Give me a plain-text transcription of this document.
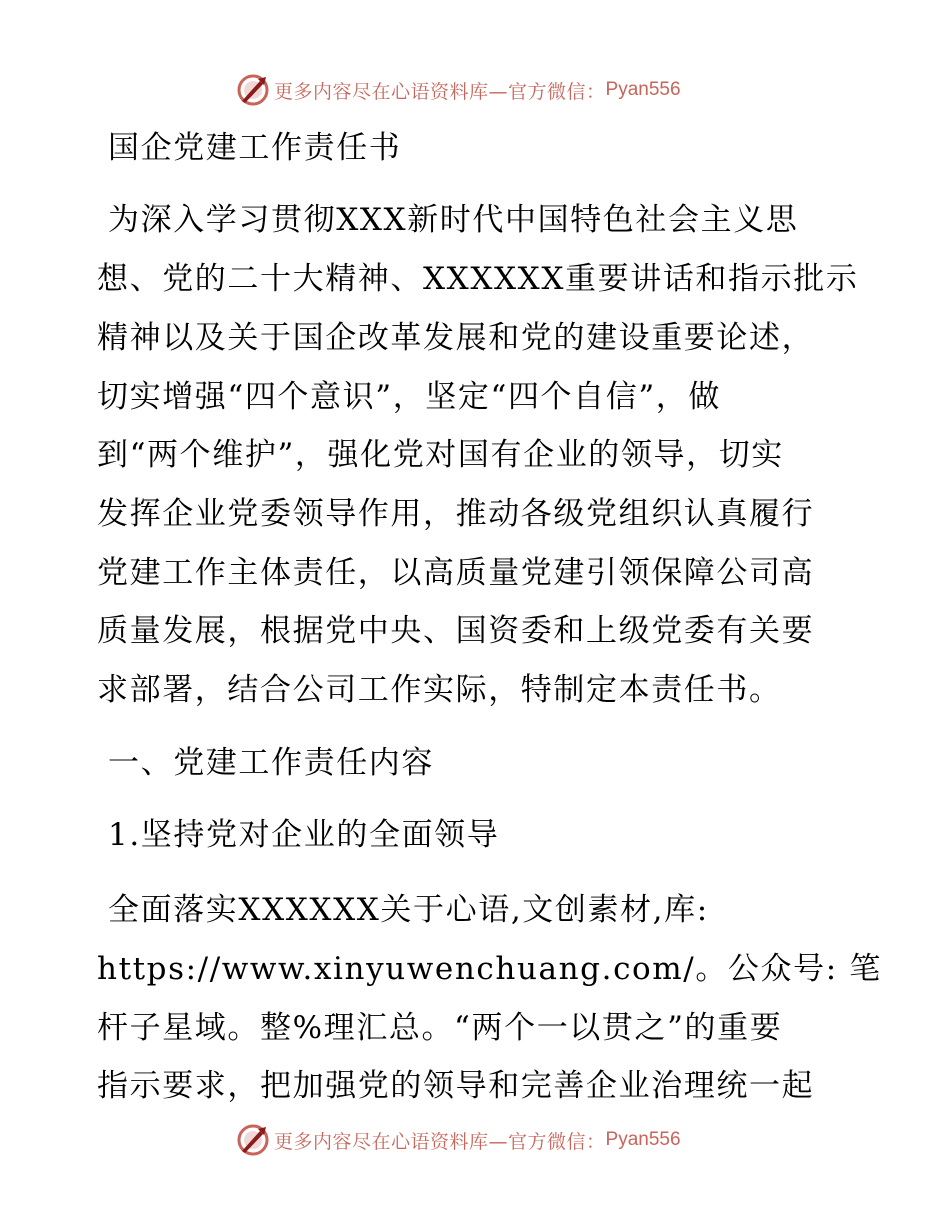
更多内容尽在心语资料库—官方微信： Pyan556
国企党建工作责任书
为深入学习贯彻XXX新时代中国特色社会主义思
想、党的二十大精神、XXXXXX重要讲话和指示批示
精神以及关于国企改革发展和党的建设重要论述，
切实增强“四个意识”，坚定“四个自信”，做
到“两个维护”，强化党对国有企业的领导，切实
发挥企业党委领导作用，推动各级党组织认真履行
党建工作主体责任，以高质量党建引领保障公司高
质量发展，根据党中央、国资委和上级党委有关要
求部署，结合公司工作实际，特制定本责任书。
一、党建工作责任内容
1.坚持党对企业的全面领导
全面落实XXXXXX关于心语,文创素材,库:
https://www.xinyuwenchuang.com/。公众号: 笔
杆子星域。整%理汇总。“两个一以贯之”的重要
指示要求，把加强党的领导和完善企业治理统一起
更多内容尽在心语资料库—官方微信： Pyan556
